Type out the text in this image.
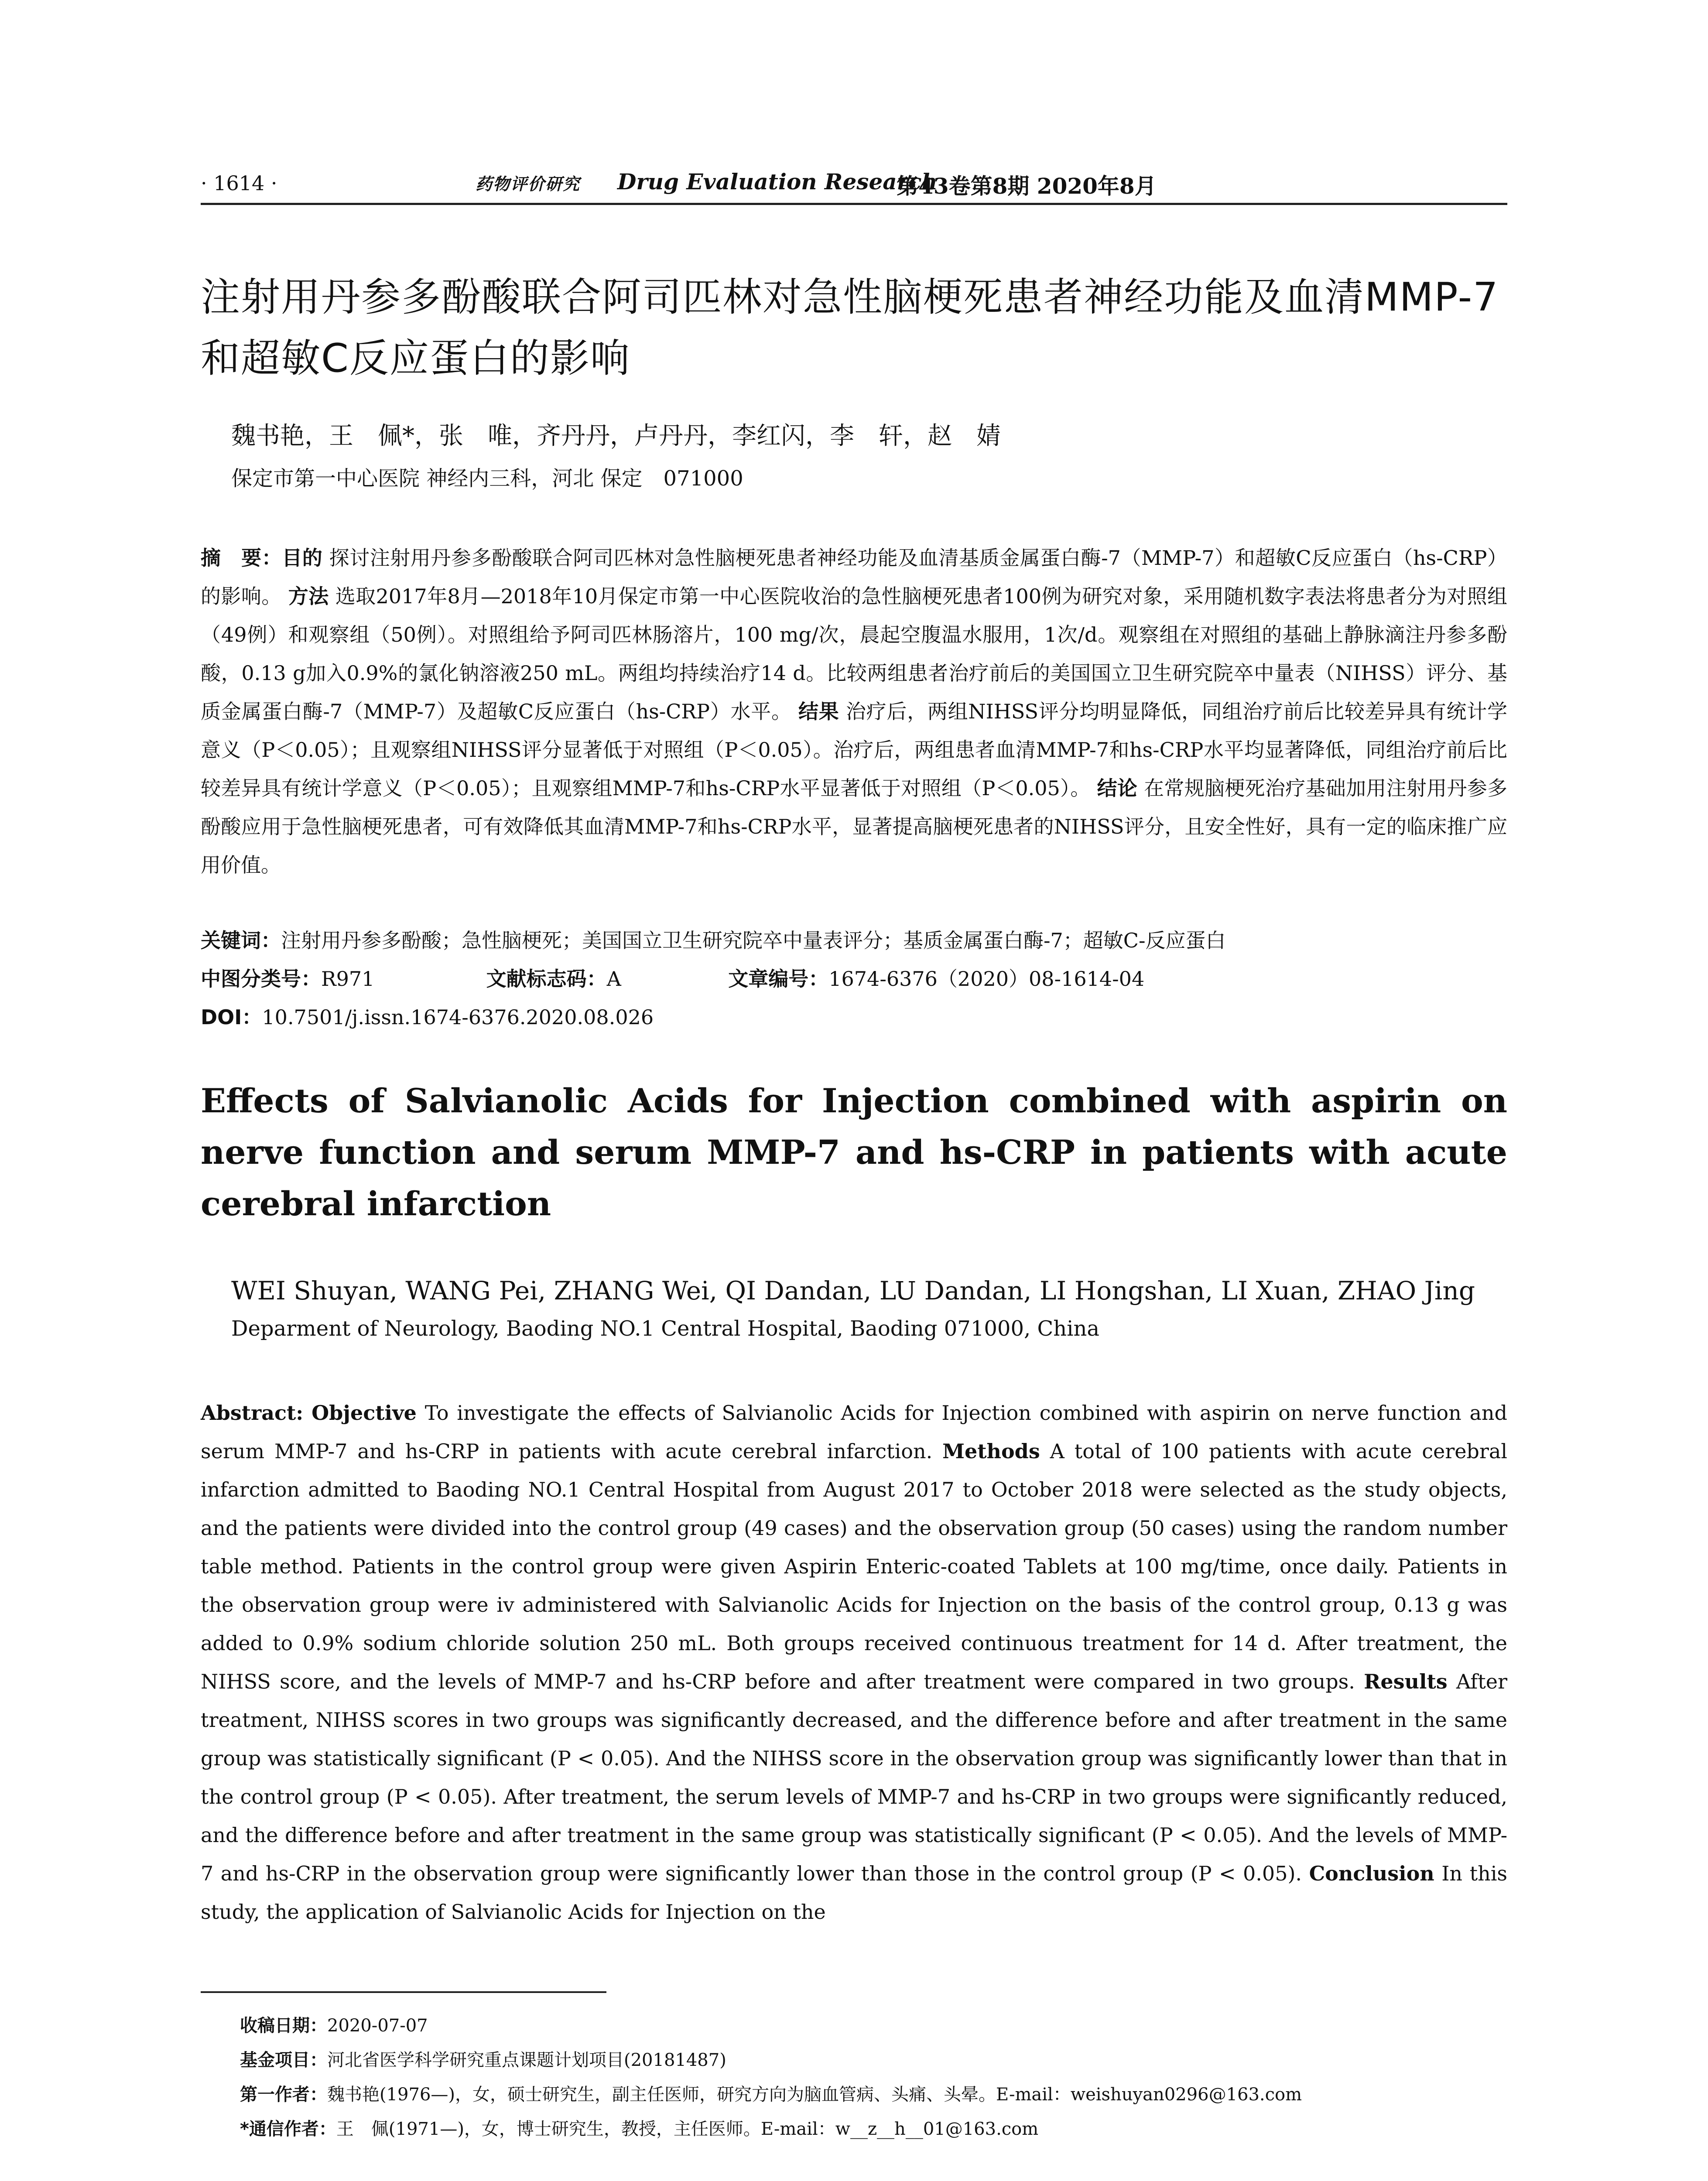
· 1614 ·	药物评价研究 Drug Evaluation Research
第43卷第8期 2020年8月
注射用丹参多酚酸联合阿司匹林对急性脑梗死患者神经功能及血清MMP-7和超敏C反应蛋白的影响
魏书艳，王　佩*，张　唯，齐丹丹，卢丹丹，李红闪，李　轩，赵　婧
保定市第一中心医院 神经内三科，河北 保定　071000
摘　要：目的 探讨注射用丹参多酚酸联合阿司匹林对急性脑梗死患者神经功能及血清基质金属蛋白酶-7（MMP-7）和超敏C反应蛋白（hs-CRP）的影响。 方法 选取2017年8月—2018年10月保定市第一中心医院收治的急性脑梗死患者100例为研究对象，采用随机数字表法将患者分为对照组（49例）和观察组（50例）。对照组给予阿司匹林肠溶片，100 mg/次，晨起空腹温水服用，1次/d。观察组在对照组的基础上静脉滴注丹参多酚酸，0.13 g加入0.9%的氯化钠溶液250 mL。两组均持续治疗14 d。比较两组患者治疗前后的美国国立卫生研究院卒中量表（NIHSS）评分、基质金属蛋白酶-7（MMP-7）及超敏C反应蛋白（hs-CRP）水平。 结果 治疗后，两组NIHSS评分均明显降低，同组治疗前后比较差异具有统计学意义（P＜0.05）；且观察组NIHSS评分显著低于对照组（P＜0.05）。治疗后，两组患者血清MMP-7和hs-CRP水平均显著降低，同组治疗前后比较差异具有统计学意义（P＜0.05）；且观察组MMP-7和hs-CRP水平显著低于对照组（P＜0.05）。 结论 在常规脑梗死治疗基础加用注射用丹参多酚酸应用于急性脑梗死患者，可有效降低其血清MMP-7和hs-CRP水平，显著提高脑梗死患者的NIHSS评分，且安全性好，具有一定的临床推广应用价值。
关键词：注射用丹参多酚酸；急性脑梗死；美国国立卫生研究院卒中量表评分；基质金属蛋白酶-7；超敏C-反应蛋白
中图分类号：R971	文献标志码：A	文章编号：1674-6376（2020）08-1614-04
DOI：10.7501/j.issn.1674-6376.2020.08.026
Effects of Salvianolic Acids for Injection combined with aspirin on nerve function and serum MMP-7 and hs-CRP in patients with acute cerebral infarction
WEI Shuyan, WANG Pei, ZHANG Wei, QI Dandan, LU Dandan, LI Hongshan, LI Xuan, ZHAO Jing
Deparment of Neurology, Baoding NO.1 Central Hospital, Baoding 071000, China
Abstract: Objective To investigate the effects of Salvianolic Acids for Injection combined with aspirin on nerve function and serum MMP-7 and hs-CRP in patients with acute cerebral infarction. Methods A total of 100 patients with acute cerebral infarction admitted to Baoding NO.1 Central Hospital from August 2017 to October 2018 were selected as the study objects, and the patients were divided into the control group (49 cases) and the observation group (50 cases) using the random number table method. Patients in the control group were given Aspirin Enteric-coated Tablets at 100 mg/time, once daily. Patients in the observation group were iv administered with Salvianolic Acids for Injection on the basis of the control group, 0.13 g was added to 0.9% sodium chloride solution 250 mL. Both groups received continuous treatment for 14 d. After treatment, the NIHSS score, and the levels of MMP-7 and hs-CRP before and after treatment were compared in two groups. Results After treatment, NIHSS scores in two groups was significantly decreased, and the difference before and after treatment in the same group was statistically significant (P < 0.05). And the NIHSS score in the observation group was significantly lower than that in the control group (P < 0.05). After treatment, the serum levels of MMP-7 and hs-CRP in two groups were significantly reduced, and the difference before and after treatment in the same group was statistically significant (P < 0.05). And the levels of MMP-7 and hs-CRP in the observation group were significantly lower than those in the control group (P < 0.05). Conclusion In this study, the application of Salvianolic Acids for Injection on the
收稿日期：2020-07-07
基金项目：河北省医学科学研究重点课题计划项目(20181487)
第一作者：魏书艳(1976—)，女，硕士研究生，副主任医师，研究方向为脑血管病、头痛、头晕。E-mail：weishuyan0296@163.com
*通信作者：王　佩(1971—)，女，博士研究生，教授，主任医师。E-mail：w__z__h__01@163.com
